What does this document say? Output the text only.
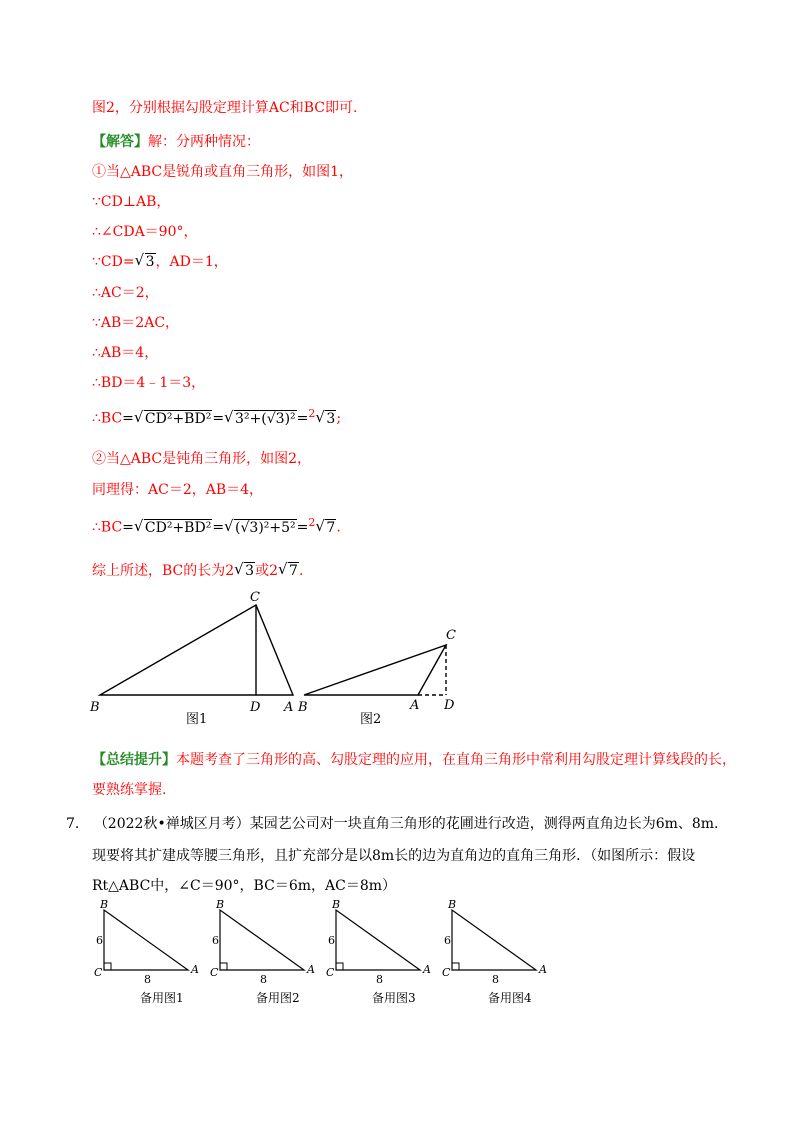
图2，分别根据勾股定理计算AC和BC即可.
【解答】解：分两种情况：
①当△ABC是锐角或直角三角形，如图1，
∵CD⊥AB，
∴∠CDA＝90°，
∵CD= √ 3，AD＝1，
∴AC＝2，
∵AB＝2AC，
∴AB＝4，
∴BD＝4﹣1＝3，
∴BC= √ CD²+BD²= √ 3²+(√3)²=$^2$ √ 3;
②当△ABC是钝角三角形，如图2，
同理得：AC＝2，AB＝4，
∴BC= √ CD²+BD²= √ (√3)²+5²=$^2$ √ 7.
综上所述，BC的长为2 √ 3或2 √ 7.
C
B	D A
图1
C
B	A D
图2
【总结提升】本题考查了三角形的高、勾股定理的应用，在直角三角形中常利用勾股定理计算线段的长，
要熟练掌握.
7. （2022秋•禅城区月考）某园艺公司对一块直角三角形的花圃进行改造，测得两直角边长为6m、8m.
现要将其扩建成等腰三角形，且扩充部分是以8m长的边为直角边的直角三角形．（如图所示：假设
Rt△ABC中，∠C＝90°，BC＝6m，AC＝8m）
B
C	A
6
8
备用图1
B
C	A
6
8
备用图2
B
C	A
6
8
备用图3
B
C	A
6
8
备用图4
